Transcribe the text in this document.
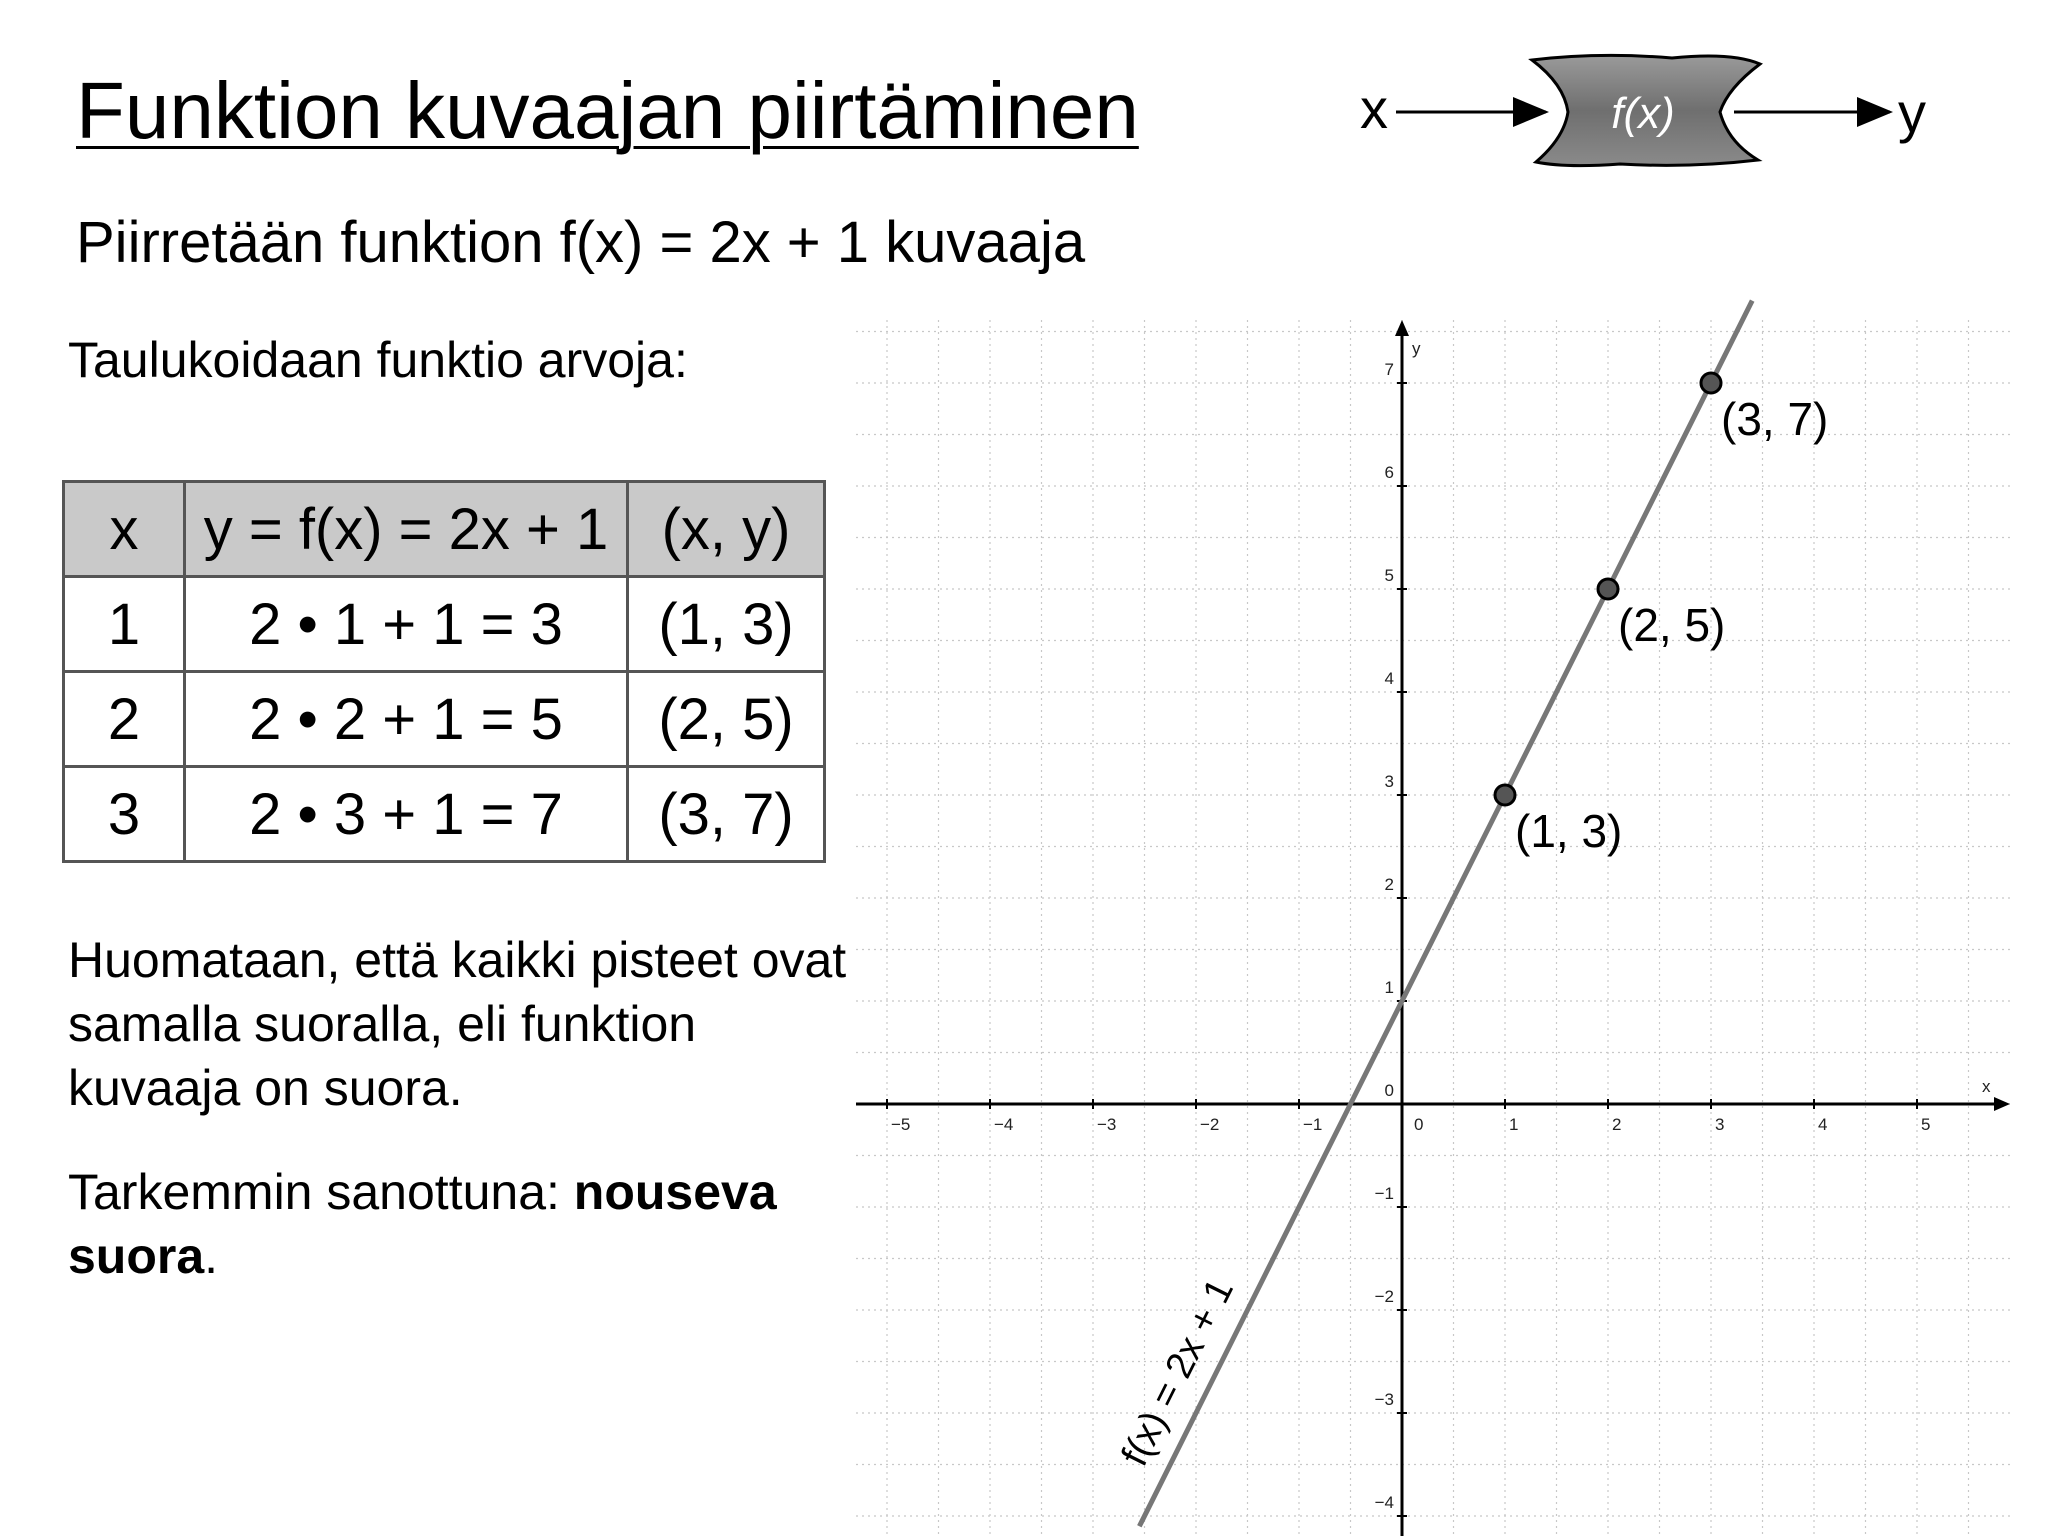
Funktion kuvaajan piirtäminen	x	f(x)	y
Piirretään funktion f(x) = 2x + 1 kuvaaja
Taulukoidaan funktio arvoja:
x	y = f(x) = 2x + 1	(x, y)
1	2 • 1 + 1 = 3	(1, 3)
2	2 • 2 + 1 = 5	(2, 5)
3	2 • 3 + 1 = 7	(3, 7)
Huomataan, että kaikki pisteet ovat samalla suoralla, eli funktion kuvaaja on suora.
Tarkemmin sanottuna: nouseva suora.
−5	−4	−3	−2	−1	1	2	3	4	5
−4
−3
−2
−1
1
2
3
4
5
6
7
0
0
x
y
f(x) = 2x + 1
(1, 3)
(2, 5)
(3, 7)
